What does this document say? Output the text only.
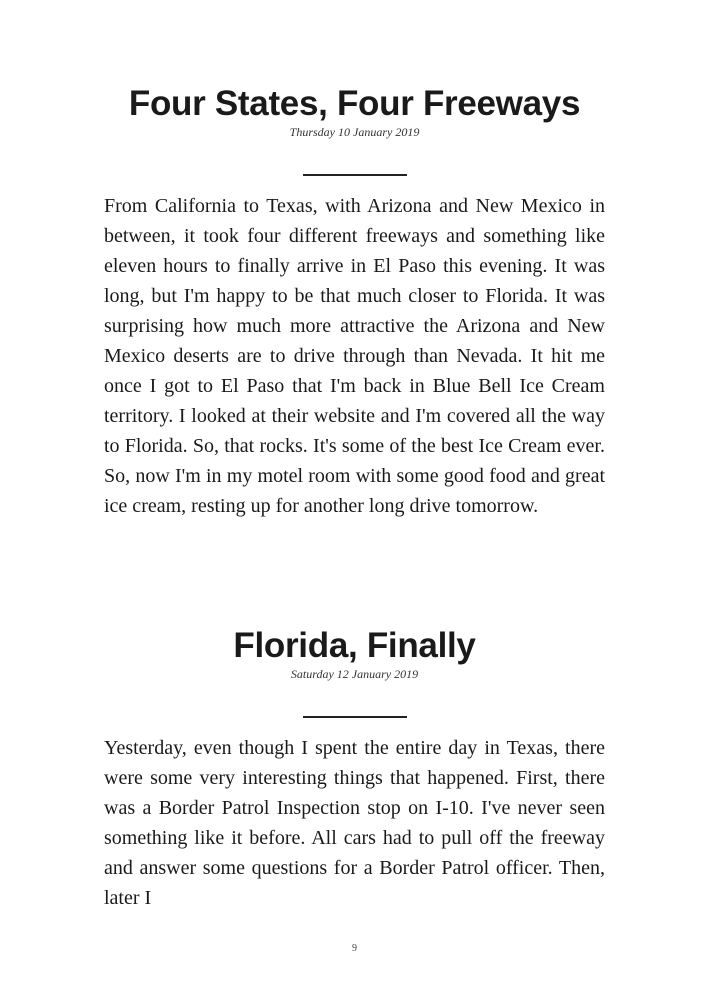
Four States, Four Freeways
Thursday 10 January 2019

From California to Texas, with Arizona and New Mexico in between, it took four different freeways and something like eleven hours to finally arrive in El Paso this evening. It was long, but I'm happy to be that much closer to Florida. It was surprising how much more attractive the Arizona and New Mexico deserts are to drive through than Nevada. It hit me once I got to El Paso that I'm back in Blue Bell Ice Cream territory. I looked at their website and I'm covered all the way to Florida. So, that rocks. It's some of the best Ice Cream ever. So, now I'm in my motel room with some good food and great ice cream, resting up for another long drive tomorrow.

Florida, Finally
Saturday 12 January 2019

Yesterday, even though I spent the entire day in Texas, there were some very interesting things that happened. First, there was a Border Patrol Inspection stop on I-10. I've never seen something like it before. All cars had to pull off the freeway and answer some questions for a Border Patrol officer. Then, later I

9
